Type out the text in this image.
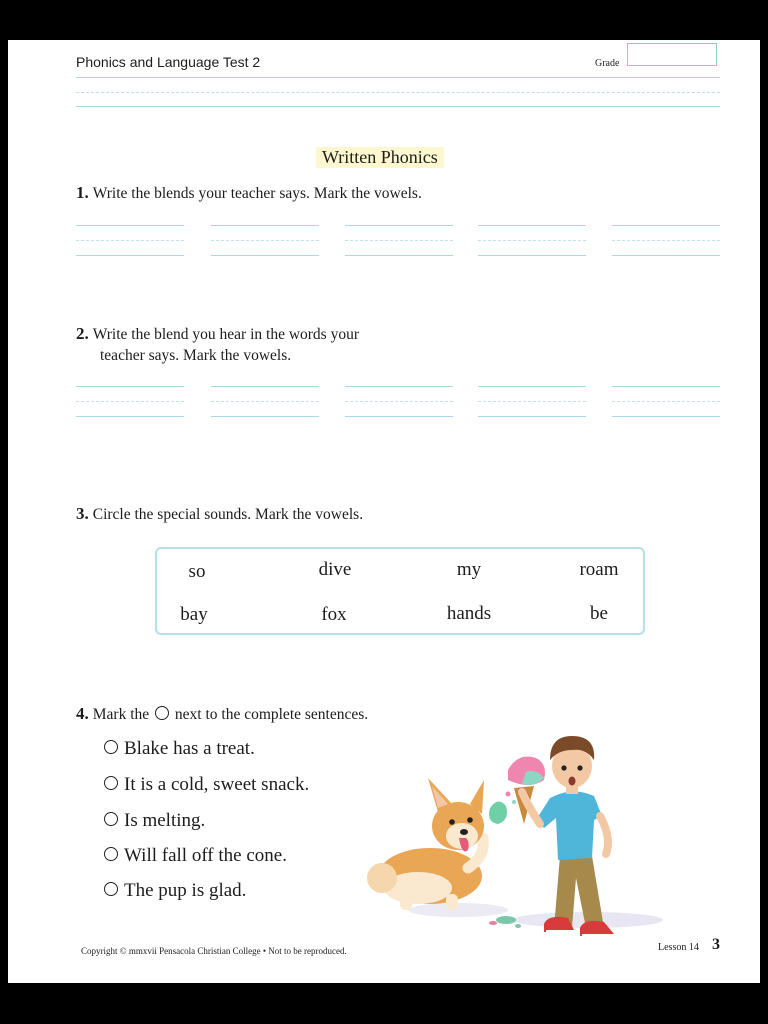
Phonics and Language Test 2	Grade
Written Phonics
1. Write the blends your teacher says. Mark the vowels.
2. Write the blend you hear in the words your
teacher says. Mark the vowels.
3. Circle the special sounds. Mark the vowels.
so	dive	my	roam
bay	fox	hands	be
4. Mark the next to the complete sentences.
Blake has a treat.
It is a cold, sweet snack.
Is melting.
Will fall off the cone.
The pup is glad.
Copyright © mmxvii Pensacola Christian College • Not to be reproduced.	Lesson 14 3
